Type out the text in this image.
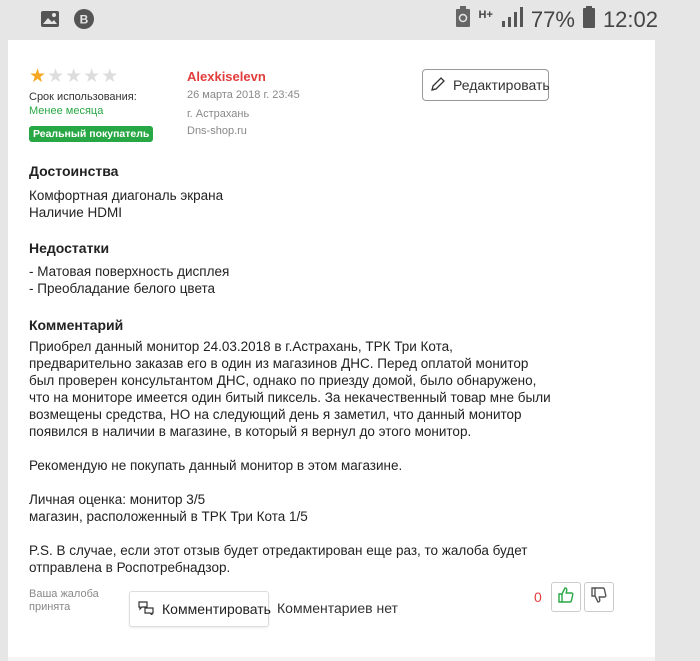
B	H+ 77% 12:02
★ ★ ★ ★ ★
Срок использования:
Менее месяца
Реальный покупатель
Alexkiselevn
26 марта 2018 г. 23:45
г. Астрахань
Dns-shop.ru
Редактировать
Достоинства
Комфортная диагональ экрана
Наличие HDMI
Недостатки
- Матовая поверхность дисплея
- Преобладание белого цвета
Комментарий
Приобрел данный монитор 24.03.2018 в г.Астрахань, ТРК Три Кота,
предварительно заказав его в один из магазинов ДНС. Перед оплатой монитор
был проверен консультантом ДНС, однако по приезду домой, было обнаружено,
что на мониторе имеется один битый пиксель. За некачественный товар мне были
возмещены средства, НО на следующий день я заметил, что данный монитор
появился в наличии в магазине, в который я вернул до этого монитор.
Рекомендую не покупать данный монитор в этом магазине.
Личная оценка: монитор 3/5
магазин, расположенный в ТРК Три Кота 1/5
P.S. В случае, если этот отзыв будет отредактирован еще раз, то жалоба будет
отправлена в Роспотребнадзор.
Ваша жалоба принята	Комментировать Комментариев нет
0
